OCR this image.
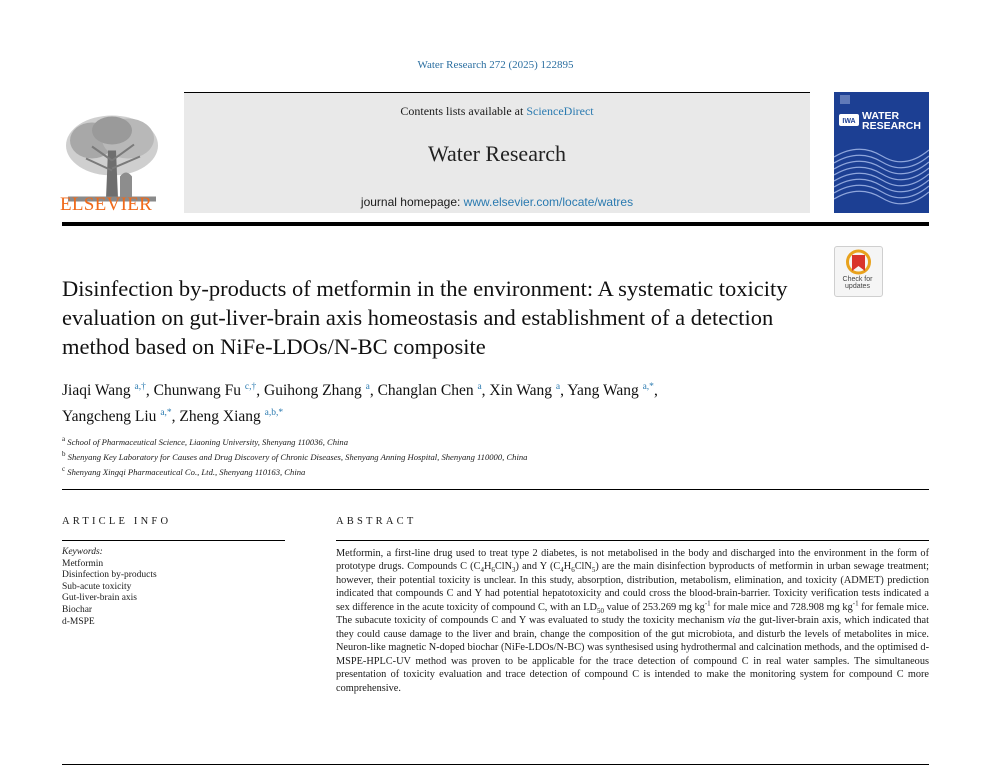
Water Research 272 (2025) 122895
Contents lists available at ScienceDirect
Water Research
journal homepage: www.elsevier.com/locate/watres
ELSEVIER
IWA WATER
RESEARCH
Check for updates
Disinfection by-products of metformin in the environment: A systematic toxicity evaluation on gut-liver-brain axis homeostasis and establishment of a detection method based on NiFe-LDOs/N-BC composite
Jiaqi Wang $^{a,\dagger}$, Chunwang Fu $^{c,\dagger}$, Guihong Zhang $^a$, Changlan Chen $^a$, Xin Wang $^a$, Yang Wang $^{a,*}$,
Yangcheng Liu $^{a,*}$, Zheng Xiang $^{a,b,*}$
$^a$ School of Pharmaceutical Science, Liaoning University, Shenyang 110036, China
$^b$ Shenyang Key Laboratory for Causes and Drug Discovery of Chronic Diseases, Shenyang Anning Hospital, Shenyang 110000, China
$^c$ Shenyang Xingqi Pharmaceutical Co., Ltd., Shenyang 110163, China
ARTICLE INFO	ABSTRACT
Keywords:
Metformin
Disinfection by-products
Sub-acute toxicity
Gut-liver-brain axis
Biochar
d-MSPE
Metformin, a first-line drug used to treat type 2 diabetes, is not metabolised in the body and discharged into the environment in the form of prototype drugs. Compounds C $(C_4H_6ClN_3)$ and Y $(C_4H_6ClN_5)$ are the main disinfection byproducts of metformin in urban sewage treatment; however, their potential toxicity is unclear. In this study, absorption, distribution, metabolism, elimination, and toxicity (ADMET) prediction indicated that compounds C and Y had potential hepatotoxicity and could cross the blood-brain-barrier. Toxicity verification tests indicated a sex difference in the acute toxicity of compound C, with an $LD_{50}$ value of 253.269 mg $kg^{-1}$ for male mice and 728.908 mg $kg^{-1}$ for female mice. The subacute toxicity of compounds C and Y was evaluated to study the toxicity mechanism via the gut-liver-brain axis, which indicated that they could cause damage to the liver and brain, change the composition of the gut microbiota, and disturb the levels of metabolites in mice. Neuron-like magnetic N-doped biochar (NiFe-LDOs/N-BC) was synthesised using hydrothermal and calcination methods, and the optimised d-MSPE-HPLC-UV method was proven to be applicable for the trace detection of compound C in real water samples. The simultaneous presentation of toxicity evaluation and trace detection of compound C is intended to make the monitoring system for compound C more comprehensive.
